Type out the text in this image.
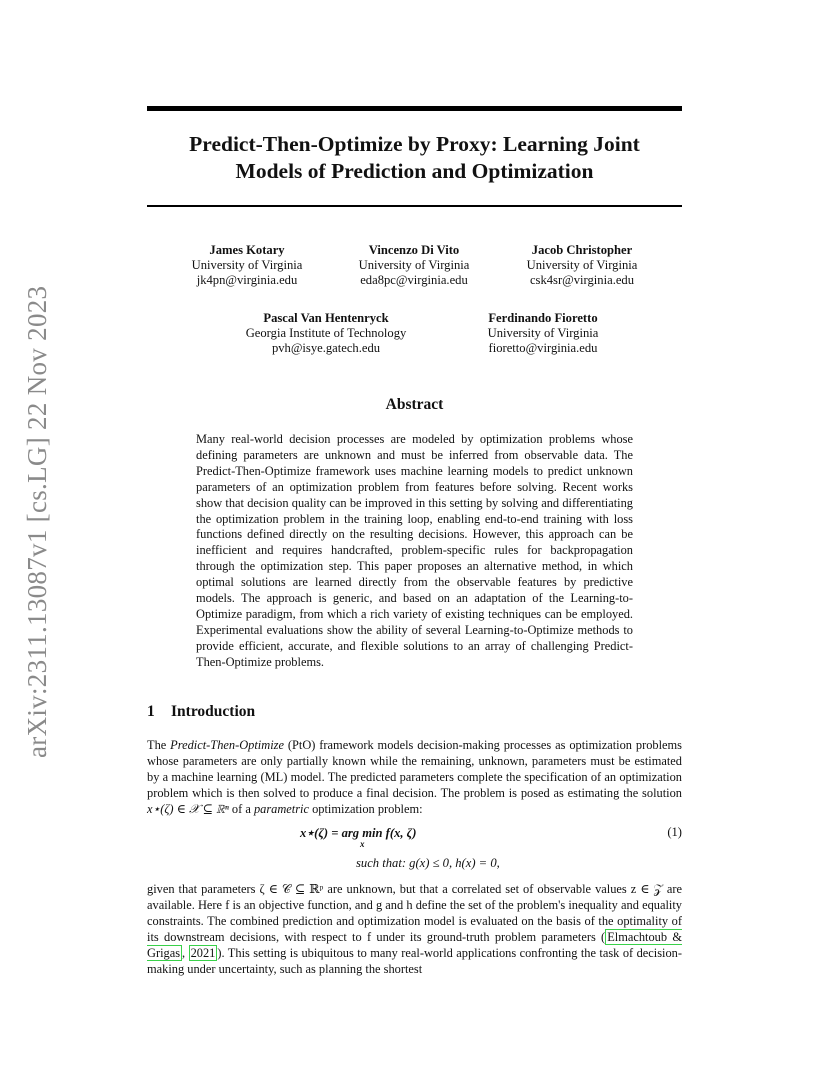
Predict-Then-Optimize by Proxy: Learning Joint
Models of Prediction and Optimization
arXiv:2311.13087v1 [cs.LG] 22 Nov 2023
James Kotary
University of Virginia
jk4pn@virginia.edu
Vincenzo Di Vito
University of Virginia
eda8pc@virginia.edu
Jacob Christopher
University of Virginia
csk4sr@virginia.edu
Pascal Van Hentenryck
Georgia Institute of Technology
pvh@isye.gatech.edu
Ferdinando Fioretto
University of Virginia
fioretto@virginia.edu
Abstract
Many real-world decision processes are modeled by optimization problems whose defining parameters are unknown and must be inferred from observable data. The Predict-Then-Optimize framework uses machine learning models to predict unknown parameters of an optimization problem from features before solving. Recent works show that decision quality can be improved in this setting by solving and differentiating the optimization problem in the training loop, enabling end-to-end training with loss functions defined directly on the resulting decisions. However, this approach can be inefficient and requires handcrafted, problem-specific rules for backpropagation through the optimization step. This paper proposes an alternative method, in which optimal solutions are learned directly from the observable features by predictive models. The approach is generic, and based on an adaptation of the Learning-to-Optimize paradigm, from which a rich variety of existing techniques can be employed. Experimental evaluations show the ability of several Learning-to-Optimize methods to provide efficient, accurate, and flexible solutions to an array of challenging Predict-Then-Optimize problems.
1 Introduction
The Predict-Then-Optimize (PtO) framework models decision-making processes as optimization problems whose parameters are only partially known while the remaining, unknown, parameters must be estimated by a machine learning (ML) model. The predicted parameters complete the specification of an optimization problem which is then solved to produce a final decision. The problem is posed as estimating the solution x⋆(ζ) ∈ 𝒳 ⊆ ℝⁿ of a parametric optimization problem:
x⋆(ζ) = arg min f(x, ζ)
x
(1)
such that: g(x) ≤ 0, h(x) = 0,
given that parameters ζ ∈ 𝒞 ⊆ ℝᵖ are unknown, but that a correlated set of observable values z ∈ 𝒵 are available. Here f is an objective function, and g and h define the set of the problem's inequality and equality constraints. The combined prediction and optimization model is evaluated on the basis of the optimality of its downstream decisions, with respect to f under its ground-truth problem parameters ( Elmachtoub & Grigas , 2021 ). This setting is ubiquitous to many real-world applications confronting the task of decision-making under uncertainty, such as planning the shortest
